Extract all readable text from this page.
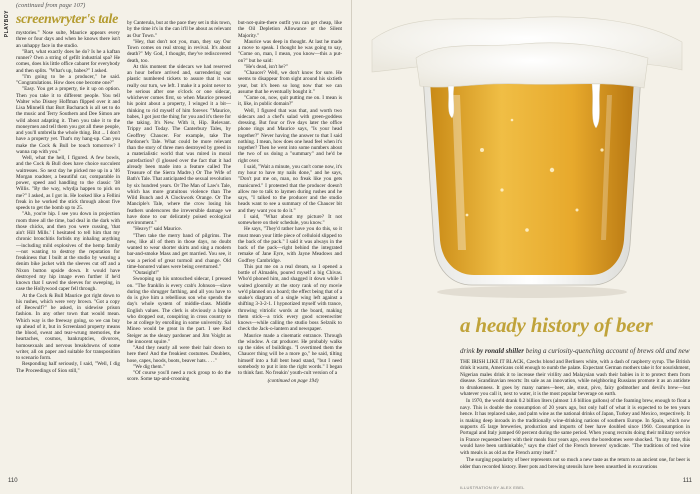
PLAYBOY
(continued from page 107)
screenwryter's tale

mystories." Nose sulte, Maurice appears every three or four days and when he knows there isn't an unhappy face in the studio.

"Bart, what exactly does he do? Is he a kaftan runner? Own a string of gefilt industrial spa? He comes, does his little office cabaret for everybody and then splits. "What's up, babes?" I asked.

"I'm going to be a producer," he said. "Congratulations. How does one become one?"

"Easy. You get a property, tie it up on option. Then you take it to different people. You tell Walter who Disney Hoffman flipped over it and Lisa Minnelli that Burt Bacharach is all set to do the music and Terry Southern and Dee Simon are wild about adapting it. Then you take it to the moneymen and tell them you got all these people, and you'll umbrella the whole thing. But ... I don't have a property yet. That's my hang-up. Can you make the Cock & Bull be touch tomorrow? I wanna rap with you."

Well, what the hell, I figured. A few bowls, and the Cock & Bull does have choice succulent waitresses. So next day he picked me up in a '46 Morgan roadster, a beautiful car, comparable in power, speed and handling to the classic '38 Willis. "By the way, whydja happen to pick on me?" I asked, as I got in. He looked like a Fellini freak in he worked the stick through about five speeds to get the bomb up to 25.

"Ah, you're hip. I see you down in projection room three all the time, bad deal in the dark with those chicks, and then you were cussing, 'that ain't Hill Mills.' I hesitated to tell him that my chronic bronchitis forbids my inhaling anything—including mild explosives of the hemp family—not wanting to destroy the reputation for freakiness that I built at the studio by wearing a denim bike jacket with the sleeves cut off and a Nixon button upside down. It would have destroyed my hip image even further if he'd known that I saved the sleeves for sweeping, in case the Hollywood caper fell through.

At the Cock & Bull Maurice got right down to his rushes, which were very brown. "Got a copy of Beowulf?" he asked, in sidewise prison fashion. In any other town that would mean. Which way is the freeway going, so we can buy up ahead of it, but in Screenland property means the blood, sweat and tear-wrung memories, the heartaches, cosmos, bankruptcies, divorces, homosexuals and nervous breakdowns of some writer, all on paper and suitable for transposition to scenario form.

Responding half seriously, I said, "Well, I dig The Proceedings of Sion still,"

by Canterula, but at the pace they set in this town, by the time it's in the can it'll be about as relevant as Our Town."

"Hey, that don't not you, man, they say Our Town comes on real strong in revival. It's about death?" My God, I thought, they've rediscovered death, too.

At this moment the sidecars we had reserved an hour before arrived and, surrendering our plastic numbered tickets to assure that it was really our turn, we left. I make it a point never to be serious after one o'clock or one sidecar, whichever comes first, so when Maurice pressed his point about a property, I winged it a bit—thinking to rid myself of him forever. "Maurice, babes, I got just the thing for you and it's there for the taking. It's New. With it, Hip. Relevant. Trippy and Today. The Canterbury Tales, by Geoffrey Chaucer. For example, take The Pardoner's Tale. What could be more relevant than the story of three men destroyed by greed in a materialistic world that was mired in moral putrefaction? (I glossed over the fact that it had already been made into a feature called The Treasure of the Sierra Madre.) Or The Wife of Bath's Tale. That anticipated the sexual revolution by six hundred years. Or The Man of Law's Tale, which has more gratuitous violence than The Wild Bunch and A Clockwork Orange. Or The Manciple's Tale, where the crow losing his feathers underscores the irreversible damage we have done to our delicately poised ecological environment."

"Heavy!" said Maurice.

"Then take the merry band of pilgrims. The new, like all of them in those days, no doubt wanted to wear shorter skirts and sing a modern bar-and-smoke Mass and get married. You see, it was a period of great turmoil and change. Old time-honored values were being overturned."

"Outasight!"

Swooping up his untouched sidecar, I pressed on. "The franklin is every crab's Johnson—slave during the shrugger farthing, and all you have to do is give him a rebellious son who spends the day's whole system of middle-class. Middle English values. The clerk is obviously a hippie who dropped out, conspiring in cross country to be at college by enrolling in some university. Sal Mineo would be great in the part. I see Rod Steiger as the sleazy pardoner and Jim Voight as the innocent squire."

"And they nearly all were their hair down to here then! And the freakiest costumes. Doublets, hose, capes, hoods, boots, beaver hats. . . ."

"We dig them."

"Of course you'll need a rock group to do the score. Some tap-and-crooning

but-not-quite-there outfit you can get cheap, like the Oil Depletion Allowance or the Silent Majority."

Maurice was deep in thought. At last he made a move to speak. I thought he was going to say, "Come on, man, I mean, you know—this a put-on?" but he said:

"He's dead, isn't he?"

"Chaucer? Well, we don't know for sure. He seems to disappear from sight around his sixtieth year, but it's been so long now that we can assume that he eventually bought it."

"Come on, now, quit putting me on. I mean is it, like, in public domain?"

Well, I figured that was that, and worth two sidecars and a chef's salad with green-goddess dressing. But four or five days later the office phone rings and Maurice says, "Is your head together?" Never having the answer to that I said nothing. I mean, how does one head feel when it's together? Then he went into some numbers about the two of us doing a "summary" and he'd be right over.

I said, "Wait a minute, you can't come now, it's my hour to have my nails done," and he says, "Don't put me on, man, no freak like you gets manicured." I protested that the producer doesn't allow me to talk to laymen during rushes and he says, "I talked to the producer and the studio heads want to see a summary of the Chaucer bit and they want you to do it."

I said, "What about my picture? It not somewhere on their schedule, you know."

He says, "They'd rather have you do this, so it must mean your little piece of celluloid slipped to the back of the pack." I said it was always in the back of the pack—right behind the integrated remake of Jane Eyre, with Jayne Meadows and Godfrey Cambridge.

This put me on a real dream, so I opened a bottle of Almadén, poured myself a big Chivas. Who'd phoned him, and shagged it down while I waited gloomily at the story rank of my movie we'd planned on a board; the effect being that of a snake's diagram of a single wing left against a shifting 3-3-2-1. I hypnotized myself with trance, throwing vitriolic words at the board, making them stick—a trick every good screenwriter knows—while calling the studio boss Selznik to check the Jack-o-lantern and newspaper.

Maurice made a cinematic entrance. Through the window. A cat producer. He probably walks up the sides of buildings. "I overtimed them the Chaucer thing will be a more go," he said, tilting himself into a full bent head stand, "but I need somebody to put it into the right words." I began to think fast. No freakin' youth-cult version of a

(continued on page 194)

110
a heady history of beer
drink by ronald shiller being a curiosity-quenching account of brews old and new

THE IRISH LIKE IT BLACK, Czechs blond and Berliners white, with a dash of raspberry syrup. The British drink it warm, Americans cold enough to numb the palate. Expectant German mothers take it for nourishment, Nigerian males drink it to increase their virility and Malaysian wash their babies in it to protect them from disease. Scandinavian resorts: Its sale as an innovation, while neighboring Russians promote it as an antidote to drunkenness. It goes by many names—beer, ale, stout, pivo, fairy godmother and devil's brew—but whatever you call it, next to water, it is the most popular beverage on earth.

In 1970, the world drank 0.2 billion liters (almost 1.6 billion gallons) of the foaming brew, enough to float a navy. This is double the consumption of 20 years ago, but only half of what it is expected to be ten years hence. It has replaced sake, and palm wine as the national drinks of Japan, Turkey and Mexico, respectively. It is making deep inroads in the traditionally wine-drinking nations of southern Europe. In Spain, which now supports 45 large breweries, production and imports of beer have doubled since 1960. Consumption in Portugal and Italy jumped 60 percent during the same period. When young recruits doing their military service in France requested beer with their meals four years ago, even the boredomes were shocked. "In my time, this would have been unthinkable," says the chief of the French brewers' syndicate. "The traditions of red wine with meals is as old as the French army itself."

The surging popularity of beer represents not so much a new taste as the return to an ancient one, for beer is older than recorded history. Beer pots and brewing utensils have been unearthed in excavations

ILLUSTRATION BY ALEX EBEL
111
